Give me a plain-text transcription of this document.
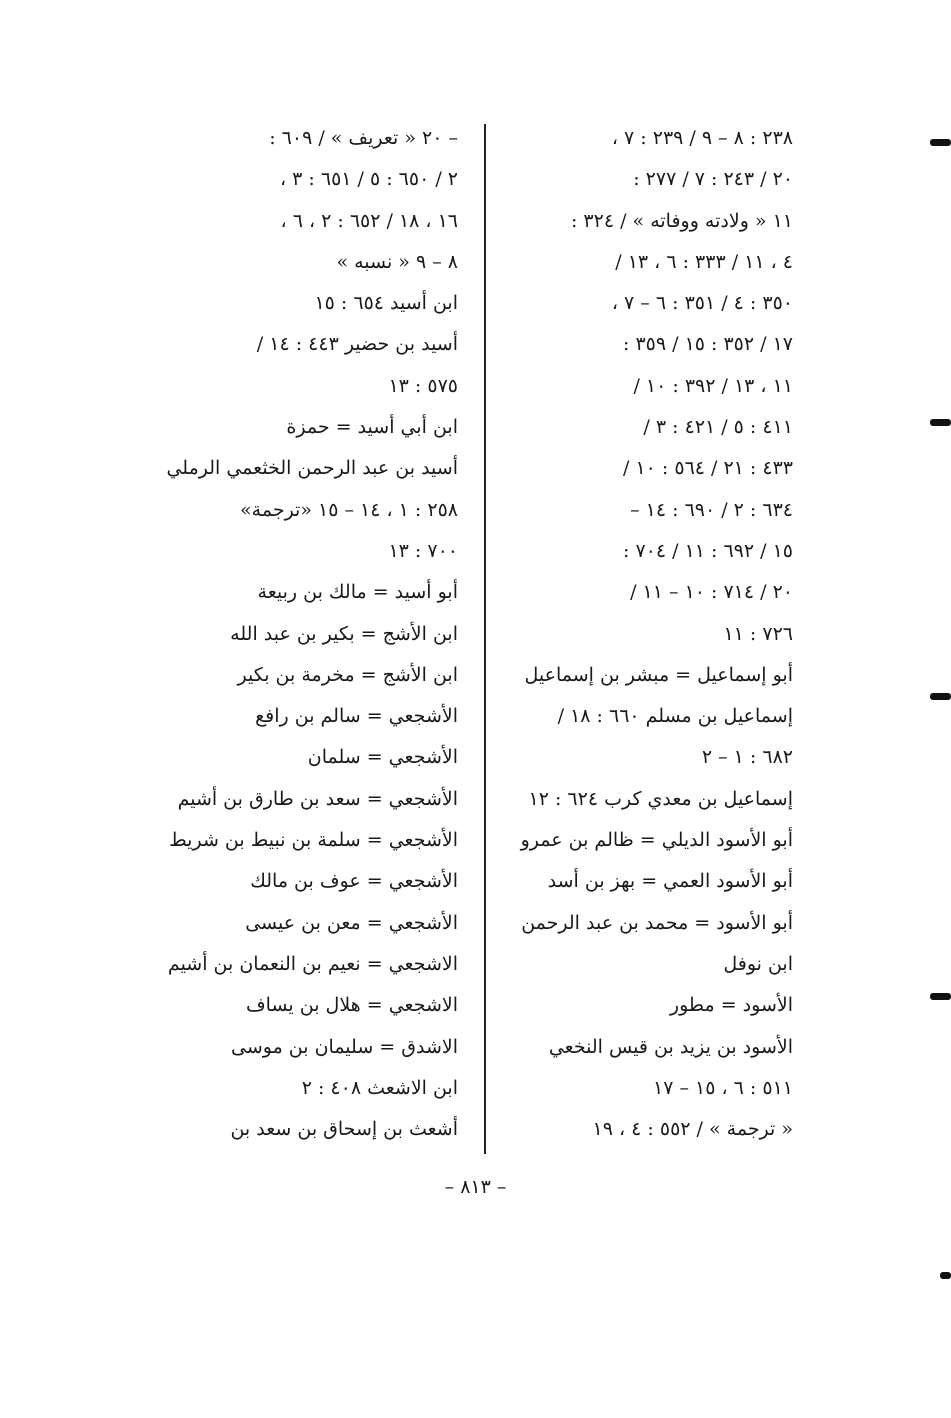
٢٣٨ : ٨ – ٩ / ٢٣٩ : ٧ ،
٢٠ / ٢٤٣ : ٧ / ٢٧٧ :
١١ « ولادته ووفاته » / ٣٢٤ :
٤ ، ١١ / ٣٣٣ : ٦ ، ١٣ /
٣٥٠ : ٤ / ٣٥١ : ٦ – ٧ ،
١٧ / ٣٥٢ : ١٥ / ٣٥٩ :
١١ ، ١٣ / ٣٩٢ : ١٠ /
٤١١ : ٥ / ٤٢١ : ٣ /
٤٣٣ : ٢١ / ٥٦٤ : ١٠ /
٦٣٤ : ٢ / ٦٩٠ : ١٤ –
١٥ / ٦٩٢ : ١١ / ٧٠٤ :
٢٠ / ٧١٤ : ١٠ – ١١ /
٧٢٦ : ١١
أبو إسماعيل = مبشر بن إسماعيل
إسماعيل بن مسلم ٦٦٠ : ١٨ /
٦٨٢ : ١ – ٢
إسماعيل بن معدي كرب ٦٢٤ : ١٢
أبو الأسود الديلي = ظالم بن عمرو
أبو الأسود العمي = بهز بن أسد
أبو الأسود = محمد بن عبد الرحمن
ابن نوفل
الأسود = مطور
الأسود بن يزيد بن قيس النخعي
٥١١ : ٦ ، ١٥ – ١٧
« ترجمة » / ٥٥٢ : ٤ ، ١٩
– ٢٠ « تعريف » / ٦٠٩ :
٢ / ٦٥٠ : ٥ / ٦٥١ : ٣ ،
١٦ ، ١٨ / ٦٥٢ : ٢ ، ٦ ،
٨ – ٩ « نسبه »
ابن أسيد ٦٥٤ : ١٥
أسيد بن حضير ٤٤٣ : ١٤ /
٥٧٥ : ١٣
ابن أبي أسيد = حمزة
أسيد بن عبد الرحمن الخثعمي الرملي
٢٥٨ : ١ ، ١٤ – ١٥ «ترجمة»
٧٠٠ : ١٣
أبو أسيد = مالك بن ربيعة
ابن الأشج = بكير بن عبد الله
ابن الأشج = مخرمة بن بكير
الأشجعي = سالم بن رافع
الأشجعي = سلمان
الأشجعي = سعد بن طارق بن أشيم
الأشجعي = سلمة بن نبيط بن شريط
الأشجعي = عوف بن مالك
الأشجعي = معن بن عيسى
الاشجعي = نعيم بن النعمان بن أشيم
الاشجعي = هلال بن يساف
الاشدق = سليمان بن موسى
ابن الاشعث ٤٠٨ : ٢
أشعث بن إسحاق بن سعد بن
– ٨١٣ –
